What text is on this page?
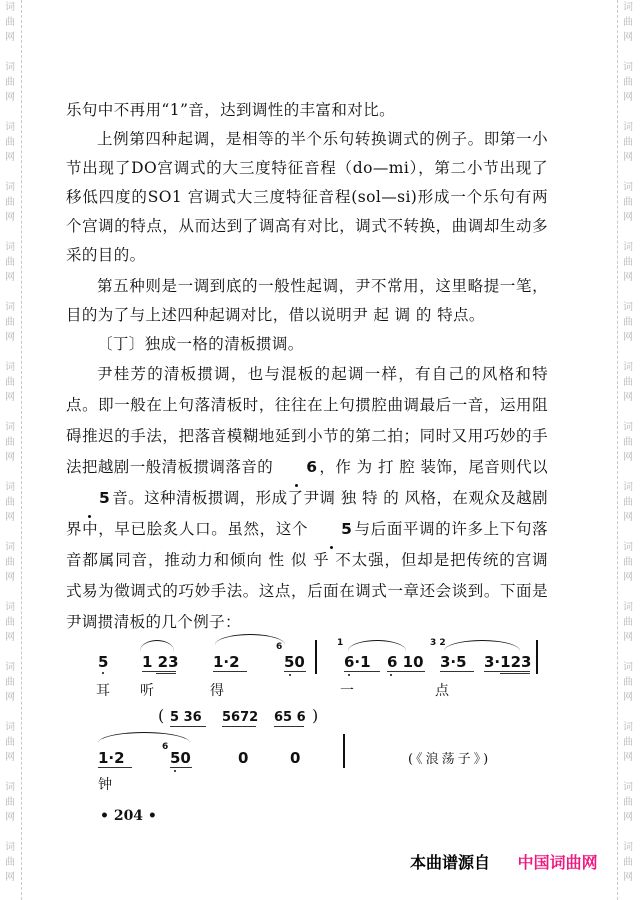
词
曲
网
词
曲
网
词
曲
网
词
曲
网
词
曲
网
词
曲
网
词
曲
网
词
曲
网
词
曲
网
词
曲
网
词
曲
网
词
曲
网
词
曲
网
词
曲
网
词
曲
网
词
曲
网
词
曲
网
词
曲
网
词
曲
网
词
曲
网
词
曲
网
词
曲
网
词
曲
网
词
曲
网
词
曲
网
词
曲
网
词
曲
网
词
曲
网
词
曲
网
词
曲
网

乐句中不再用“1”音，达到调性的丰富和对比。

上例第四种起调，是相等的半个乐句转换调式的例子。即第一小节出现了DO宫调式的大三度特征音程（do—mi），第二小节出现了移低四度的SO1 宫调式大三度特征音程(sol—si)形成一个乐句有两个宫调的特点，从而达到了调高有对比，调式不转换，曲调却生动多采的目的。

第五种则是一调到底的一般性起调，尹不常用，这里略提一笔，目的为了与上述四种起调对比，借以说明尹 起 调 的 特点。

〔丁〕独成一格的清板掼调。

尹桂芳的清板掼调，也与混板的起调一样，有自己的风格和特点。即一般在上句落清板时，往往在上句掼腔曲调最后一音，运用阻碍推迟的手法，把落音模糊地延到小节的第二拍；同时又用巧妙的手法把越剧一般清板掼调落音的 6 ，作 为 打 腔 装饰，尾音则代以5 音。这种清板掼调，形成了尹调 独 特 的 风格，在观众及越剧界中，早已脍炙人口。虽然，这个 5 与后面平调的许多上下句落音都属同音，推动力和倾向 性 似 乎 不太强，但却是把传统的宫调式易为徵调式的巧妙手法。这点，后面在调式一章还会谈到。下面是尹调掼清板的几个例子：

5 1 23 1·2
6
50
1
6·1 6 10
3 2
3·5 3·123
耳 听	得	一	点
( 5 36 5672 65 6 )
1·2
6
50	0	0
钟
(《浪荡子》)
• 204 •
本曲谱源自 中国词曲网
